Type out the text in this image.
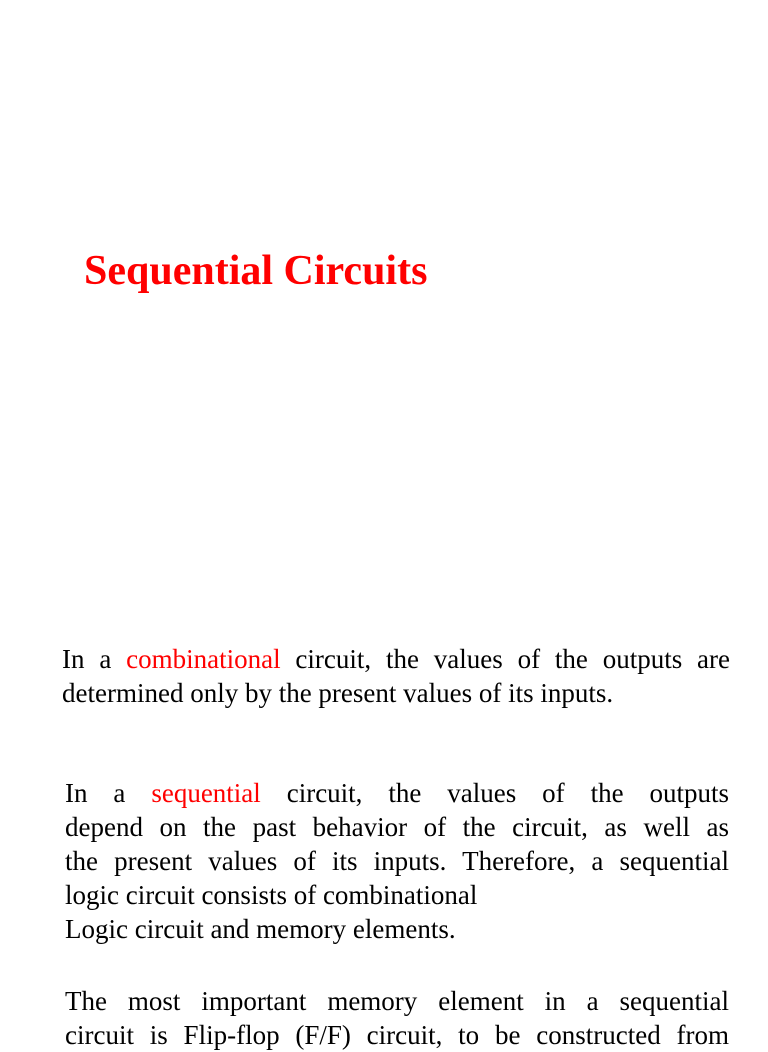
Sequential Circuits

In a combinational circuit, the values of the outputs are
determined only by the present values of its inputs.

In a sequential circuit, the values of the outputs
depend on the past behavior of the circuit, as well as
the present values of its inputs. Therefore, a sequential
logic circuit consists of combinational
Logic circuit and memory elements.

The most important memory element in a sequential
circuit is Flip-flop (F/F) circuit, to be constructed from
